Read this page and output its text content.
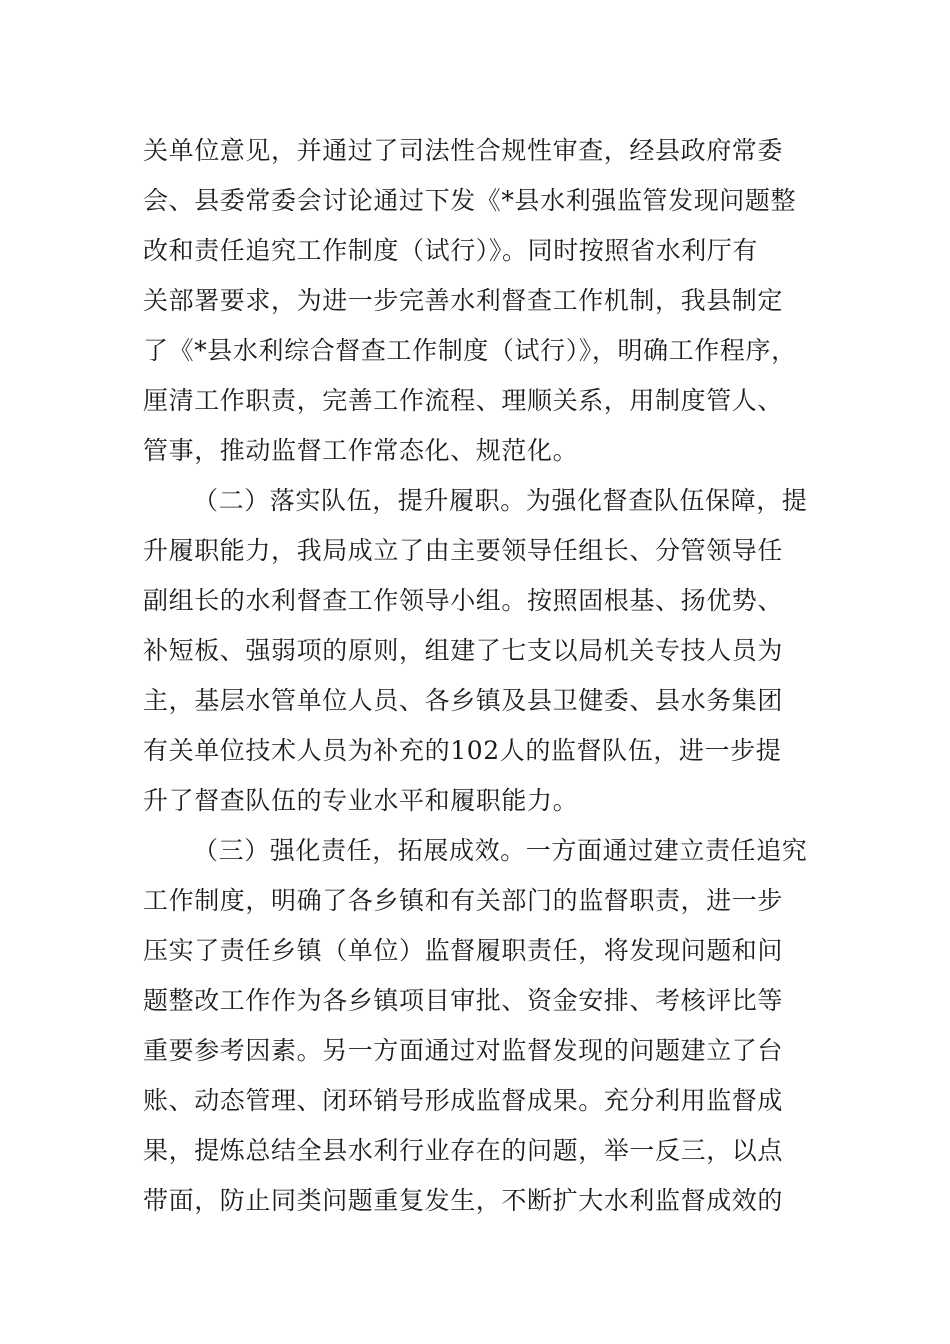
关单位意见，并通过了司法性合规性审查，经县政府常委
会、县委常委会讨论通过下发《*县水利强监管发现问题整
改和责任追究工作制度（试行）》。同时按照省水利厅有
关部署要求，为进一步完善水利督查工作机制，我县制定
了《*县水利综合督查工作制度（试行）》，明确工作程序，
厘清工作职责，完善工作流程、理顺关系，用制度管人、
管事，推动监督工作常态化、规范化。
（二）落实队伍，提升履职。为强化督查队伍保障，提
升履职能力，我局成立了由主要领导任组长、分管领导任
副组长的水利督查工作领导小组。按照固根基、扬优势、
补短板、强弱项的原则，组建了七支以局机关专技人员为
主，基层水管单位人员、各乡镇及县卫健委、县水务集团
有关单位技术人员为补充的102人的监督队伍，进一步提
升了督查队伍的专业水平和履职能力。
（三）强化责任，拓展成效。一方面通过建立责任追究
工作制度，明确了各乡镇和有关部门的监督职责，进一步
压实了责任乡镇（单位）监督履职责任，将发现问题和问
题整改工作作为各乡镇项目审批、资金安排、考核评比等
重要参考因素。另一方面通过对监督发现的问题建立了台
账、动态管理、闭环销号形成监督成果。充分利用监督成
果，提炼总结全县水利行业存在的问题，举一反三，以点
带面，防止同类问题重复发生，不断扩大水利监督成效的
